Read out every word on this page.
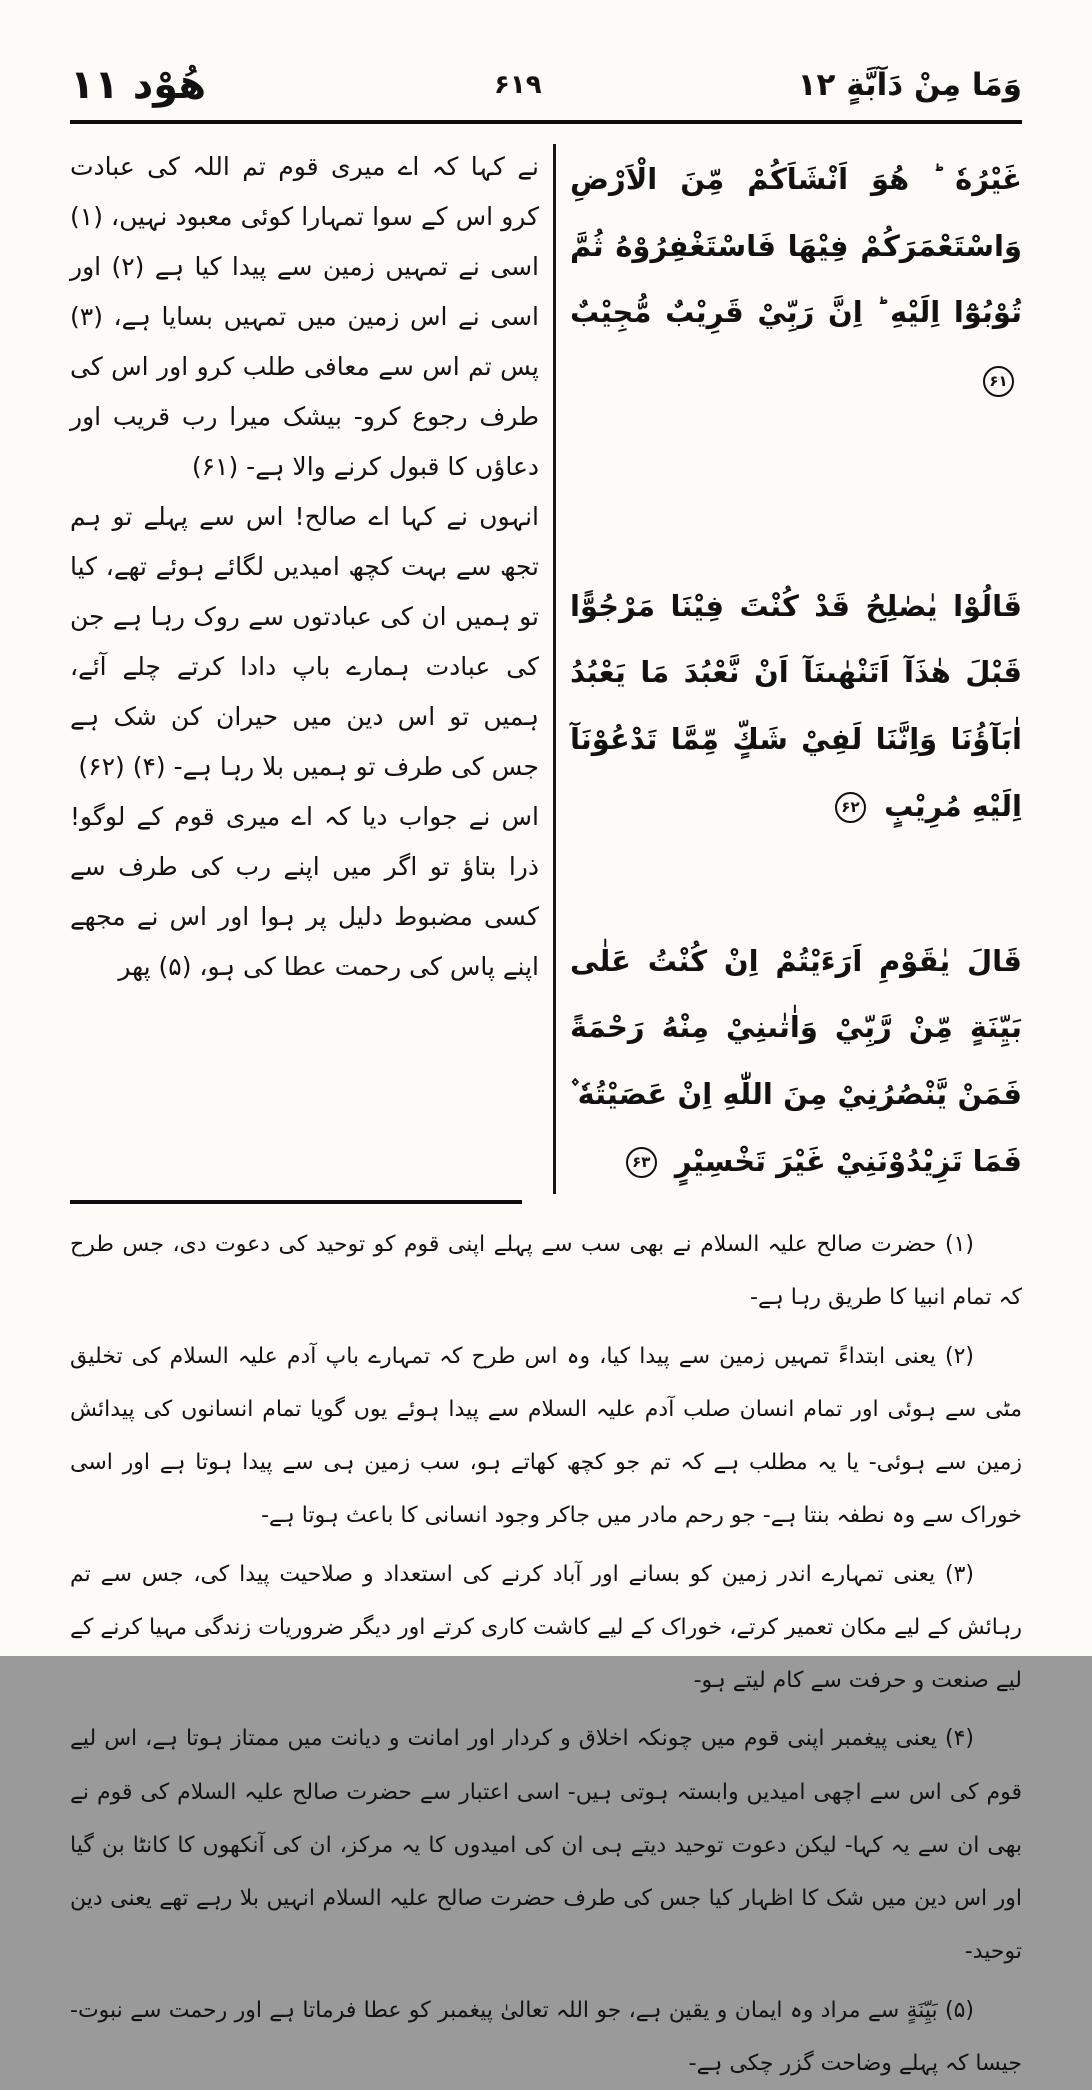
وَمَا مِنْ دَآبَّةٍ ۱۲
۶۱۹
هُوْد ۱۱

غَيْرُهٗ ؕ هُوَ اَنْشَاَكُمْ مِّنَ الْاَرْضِ وَاسْتَعْمَرَكُمْ فِيْهَا فَاسْتَغْفِرُوْهُ ثُمَّ تُوْبُوْٓا اِلَيْهِ ؕ اِنَّ رَبِّيْ قَرِيْبٌ مُّجِيْبٌ ۶۱

قَالُوْا يٰصٰلِحُ قَدْ كُنْتَ فِيْنَا مَرْجُوًّا قَبْلَ هٰذَآ اَتَنْهٰىنَآ اَنْ نَّعْبُدَ مَا يَعْبُدُ اٰبَآؤُنَا وَاِنَّنَا لَفِيْ شَكٍّ مِّمَّا تَدْعُوْنَآ اِلَيْهِ مُرِيْبٍ ۶۲

قَالَ يٰقَوْمِ اَرَءَيْتُمْ اِنْ كُنْتُ عَلٰى بَيِّنَةٍ مِّنْ رَّبِّيْ وَاٰتٰىنِيْ مِنْهُ رَحْمَةً فَمَنْ يَّنْصُرُنِيْ مِنَ اللّٰهِ اِنْ عَصَيْتُهٗ ۫ فَمَا تَزِيْدُوْنَنِيْ غَيْرَ تَخْسِيْرٍ ۶۳

نے کہا کہ اے میری قوم تم اللہ کی عبادت کرو اس کے سوا تمہارا کوئی معبود نہیں، (۱) اسی نے تمہیں زمین سے پیدا کیا ہے (۲) اور اسی نے اس زمین میں تمہیں بسایا ہے، (۳) پس تم اس سے معافی طلب کرو اور اس کی طرف رجوع کرو- بیشک میرا رب قریب اور دعاؤں کا قبول کرنے والا ہے- (۶۱)

انہوں نے کہا اے صالح! اس سے پہلے تو ہم تجھ سے بہت کچھ امیدیں لگائے ہوئے تھے، کیا تو ہمیں ان کی عبادتوں سے روک رہا ہے جن کی عبادت ہمارے باپ دادا کرتے چلے آئے، ہمیں تو اس دین میں حیران کن شک ہے جس کی طرف تو ہمیں بلا رہا ہے- (۴) (۶۲)

اس نے جواب دیا کہ اے میری قوم کے لوگو! ذرا بتاؤ تو اگر میں اپنے رب کی طرف سے کسی مضبوط دلیل پر ہوا اور اس نے مجھے اپنے پاس کی رحمت عطا کی ہو، (۵) پھر

(۱) حضرت صالح علیہ السلام نے بھی سب سے پہلے اپنی قوم کو توحید کی دعوت دی، جس طرح کہ تمام انبیا کا طریق رہا ہے-

(۲) یعنی ابتداءً تمہیں زمین سے پیدا کیا، وہ اس طرح کہ تمہارے باپ آدم علیہ السلام کی تخلیق مٹی سے ہوئی اور تمام انسان صلب آدم علیہ السلام سے پیدا ہوئے یوں گویا تمام انسانوں کی پیدائش زمین سے ہوئی- یا یہ مطلب ہے کہ تم جو کچھ کھاتے ہو، سب زمین ہی سے پیدا ہوتا ہے اور اسی خوراک سے وہ نطفہ بنتا ہے- جو رحم مادر میں جاکر وجود انسانی کا باعث ہوتا ہے-

(۳) یعنی تمہارے اندر زمین کو بسانے اور آباد کرنے کی استعداد و صلاحیت پیدا کی، جس سے تم رہائش کے لیے مکان تعمیر کرتے، خوراک کے لیے کاشت کاری کرتے اور دیگر ضروریات زندگی مہیا کرنے کے لیے صنعت و حرفت سے کام لیتے ہو-

(۴) یعنی پیغمبر اپنی قوم میں چونکہ اخلاق و کردار اور امانت و دیانت میں ممتاز ہوتا ہے، اس لیے قوم کی اس سے اچھی امیدیں وابستہ ہوتی ہیں- اسی اعتبار سے حضرت صالح علیہ السلام کی قوم نے بھی ان سے یہ کہا- لیکن دعوت توحید دیتے ہی ان کی امیدوں کا یہ مرکز، ان کی آنکھوں کا کانٹا بن گیا اور اس دین میں شک کا اظہار کیا جس کی طرف حضرت صالح علیہ السلام انہیں بلا رہے تھے یعنی دین توحید-

(۵) بَیِّنَةٍ سے مراد وہ ایمان و یقین ہے، جو اللہ تعالیٰ پیغمبر کو عطا فرماتا ہے اور رحمت سے نبوت- جیسا کہ پہلے وضاحت گزر چکی ہے-
